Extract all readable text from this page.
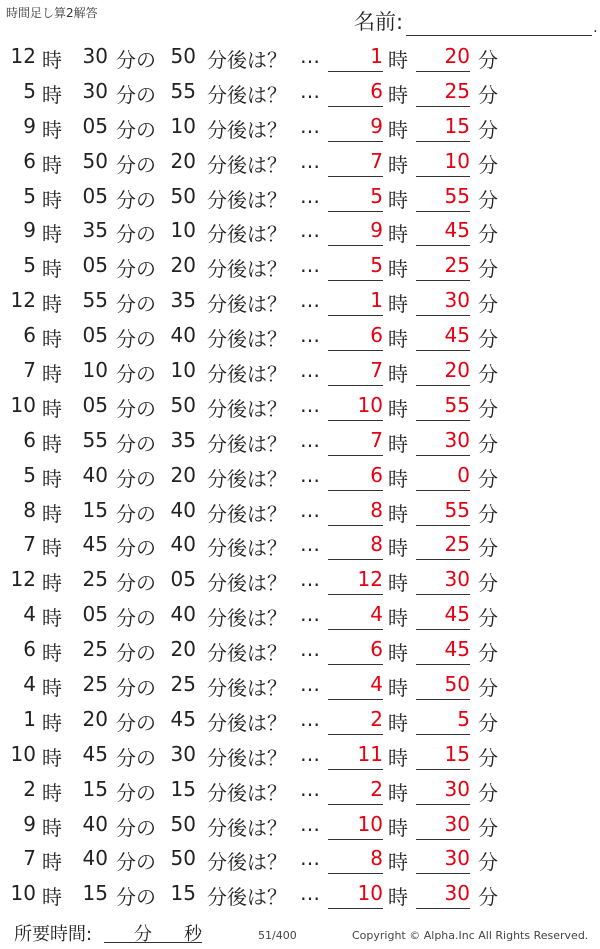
時間足し算2解答	名前:	.
12 時	30 分の 50 分後は？ …	1 時	20 分
5 時	30 分の 55 分後は？ …	6 時	25 分
9 時	05 分の 10 分後は？ …	9 時	15 分
6 時	50 分の 20 分後は？ …	7 時	10 分
5 時	05 分の 50 分後は？ …	5 時	55 分
9 時	35 分の 10 分後は？ …	9 時	45 分
5 時	05 分の 20 分後は？ …	5 時	25 分
12 時	55 分の 35 分後は？ …	1 時	30 分
6 時	05 分の 40 分後は？ …	6 時	45 分
7 時	10 分の 10 分後は？ …	7 時	20 分
10 時	05 分の 50 分後は？ …	10 時	55 分
6 時	55 分の 35 分後は？ …	7 時	30 分
5 時	40 分の 20 分後は？ …	6 時	0 分
8 時	15 分の 40 分後は？ …	8 時	55 分
7 時	45 分の 40 分後は？ …	8 時	25 分
12 時	25 分の 05 分後は？ …	12 時	30 分
4 時	05 分の 40 分後は？ …	4 時	45 分
6 時	25 分の 20 分後は？ …	6 時	45 分
4 時	25 分の 25 分後は？ …	4 時	50 分
1 時	20 分の 45 分後は？ …	2 時	5 分
10 時	45 分の 30 分後は？ …	11 時	15 分
2 時	15 分の 15 分後は？ …	2 時	30 分
9 時	40 分の 50 分後は？ …	10 時	30 分
7 時	40 分の 50 分後は？ …	8 時	30 分
10 時	15 分の 15 分後は？ …	10 時	30 分
所要時間: 分 秒	51/400	Copyright © Alpha.Inc All Rights Reserved.
